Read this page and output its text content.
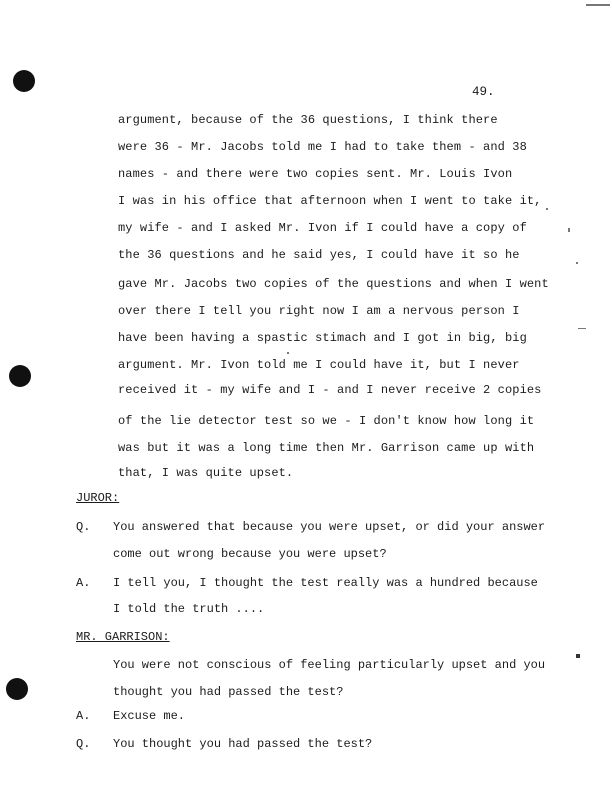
49.
argument, because of the 36 questions, I think there
were 36 - Mr. Jacobs told me I had to take them - and 38
names - and there were two copies sent. Mr. Louis Ivon
I was in his office that afternoon when I went to take it,
my wife - and I asked Mr. Ivon if I could have a copy of
the 36 questions and he said yes, I could have it so he
gave Mr. Jacobs two copies of the questions and when I went
over there I tell you right now I am a nervous person I
have been having a spastic stimach and I got in big, big
argument. Mr. Ivon told me I could have it, but I never
received it - my wife and I - and I never receive 2 copies
of the lie detector test so we - I don't know how long it
was but it was a long time then Mr. Garrison came up with
that, I was quite upset.
JUROR:
Q. You answered that because you were upset, or did your answer
come out wrong because you were upset?
A. I tell you, I thought the test really was a hundred because
I told the truth ....
MR. GARRISON:
You were not conscious of feeling particularly upset and you
thought you had passed the test?
A. Excuse me.
Q. You thought you had passed the test?
